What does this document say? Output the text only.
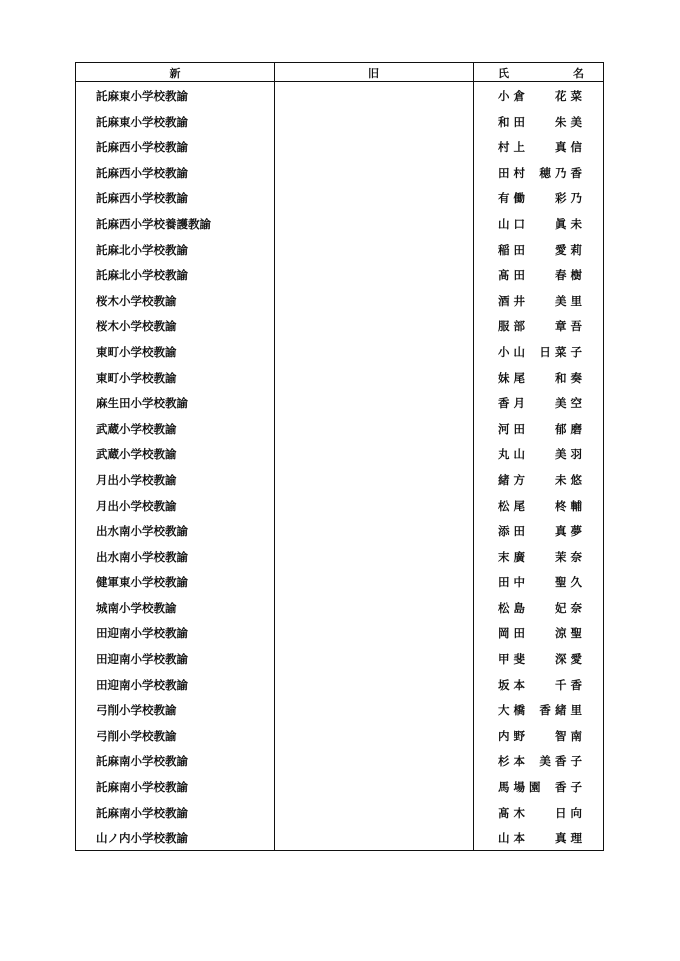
新	旧	氏	名
託麻東小学校教諭	小倉 花菜
託麻東小学校教諭	和田 朱美
託麻西小学校教諭	村上 真信
託麻西小学校教諭	田村 穂乃香
託麻西小学校教諭	有働 彩乃
託麻西小学校養護教諭	山口 眞未
託麻北小学校教諭	稲田 愛莉
託麻北小学校教諭	髙田 春樹
桜木小学校教諭	酒井 美里
桜木小学校教諭	服部 章吾
東町小学校教諭	小山 日菜子
東町小学校教諭	妹尾 和奏
麻生田小学校教諭	香月 美空
武蔵小学校教諭	河田 郁磨
武蔵小学校教諭	丸山 美羽
月出小学校教諭	緒方 未悠
月出小学校教諭	松尾 柊輔
出水南小学校教諭	添田 真夢
出水南小学校教諭	末廣 茉奈
健軍東小学校教諭	田中 聖久
城南小学校教諭	松島 妃奈
田迎南小学校教諭	岡田 涼聖
田迎南小学校教諭	甲斐 深愛
田迎南小学校教諭	坂本 千香
弓削小学校教諭	大橋 香緒里
弓削小学校教諭	内野 智南
託麻南小学校教諭	杉本 美香子
託麻南小学校教諭	馬場園 香子
託麻南小学校教諭	髙木 日向
山ノ内小学校教諭	山本 真理
